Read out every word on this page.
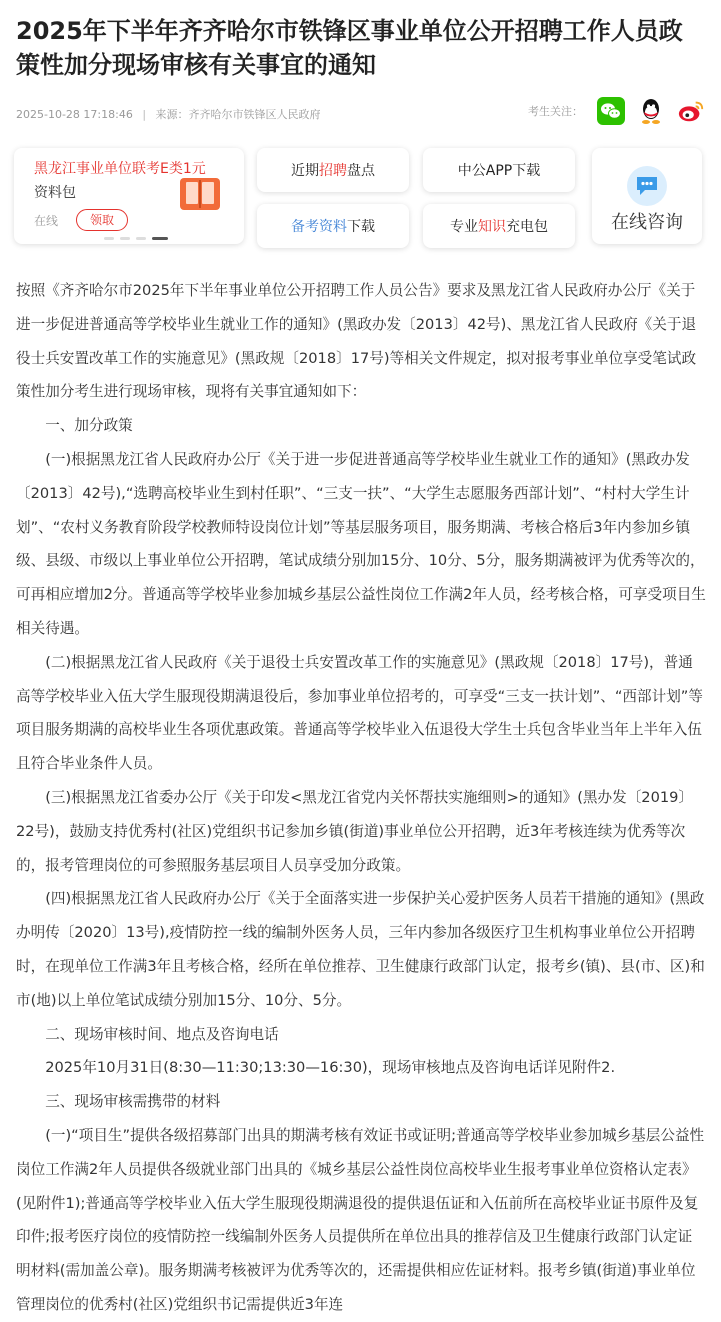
2025年下半年齐齐哈尔市铁锋区事业单位公开招聘工作人员政策性加分现场审核有关事宜的通知
2025-10-28 17:18:46 | 来源：齐齐哈尔市铁锋区人民政府	考生关注：
黑龙江事业单位联考E类1元
资料包
在线	领取
近期 招聘 盘点	中公APP下载
备考资料 下载	专业 知识 充电包	在线咨询

按照《齐齐哈尔市2025年下半年事业单位公开招聘工作人员公告》要求及黑龙江省人民政府办公厅《关于进一步促进普通高等学校毕业生就业工作的通知》(黑政办发〔2013〕42号)、黑龙江省人民政府《关于退役士兵安置改革工作的实施意见》(黑政规〔2018〕17号)等相关文件规定，拟对报考事业单位享受笔试政策性加分考生进行现场审核，现将有关事宜通知如下：

一、加分政策

(一)根据黑龙江省人民政府办公厅《关于进一步促进普通高等学校毕业生就业工作的通知》(黑政办发〔2013〕42号),“选聘高校毕业生到村任职”、“三支一扶”、“大学生志愿服务西部计划”、“村村大学生计划”、“农村义务教育阶段学校教师特设岗位计划”等基层服务项目，服务期满、考核合格后3年内参加乡镇级、县级、市级以上事业单位公开招聘，笔试成绩分别加15分、10分、5分，服务期满被评为优秀等次的，可再相应增加2分。普通高等学校毕业参加城乡基层公益性岗位工作满2年人员，经考核合格，可享受项目生相关待遇。

(二)根据黑龙江省人民政府《关于退役士兵安置改革工作的实施意见》(黑政规〔2018〕17号)，普通高等学校毕业入伍大学生服现役期满退役后，参加事业单位招考的，可享受“三支一扶计划”、“西部计划”等项目服务期满的高校毕业生各项优惠政策。普通高等学校毕业入伍退役大学生士兵包含毕业当年上半年入伍且符合毕业条件人员。

(三)根据黑龙江省委办公厅《关于印发<黑龙江省党内关怀帮扶实施细则>的通知》(黑办发〔2019〕22号)，鼓励支持优秀村(社区)党组织书记参加乡镇(街道)事业单位公开招聘，近3年考核连续为优秀等次的，报考管理岗位的可参照服务基层项目人员享受加分政策。

(四)根据黑龙江省人民政府办公厅《关于全面落实进一步保护关心爱护医务人员若干措施的通知》(黑政办明传〔2020〕13号),疫情防控一线的编制外医务人员，三年内参加各级医疗卫生机构事业单位公开招聘时，在现单位工作满3年且考核合格，经所在单位推荐、卫生健康行政部门认定，报考乡(镇)、县(市、区)和市(地)以上单位笔试成绩分别加15分、10分、5分。

二、现场审核时间、地点及咨询电话

2025年10月31日(8:30—11:30;13:30—16:30)，现场审核地点及咨询电话详见附件2.

三、现场审核需携带的材料

(一)“项目生”提供各级招募部门出具的期满考核有效证书或证明;普通高等学校毕业参加城乡基层公益性岗位工作满2年人员提供各级就业部门出具的《城乡基层公益性岗位高校毕业生报考事业单位资格认定表》(见附件1);普通高等学校毕业入伍大学生服现役期满退役的提供退伍证和入伍前所在高校毕业证书原件及复印件;报考医疗岗位的疫情防控一线编制外医务人员提供所在单位出具的推荐信及卫生健康行政部门认定证明材料(需加盖公章)。服务期满考核被评为优秀等次的，还需提供相应佐证材料。报考乡镇(街道)事业单位管理岗位的优秀村(社区)党组织书记需提供近3年连
